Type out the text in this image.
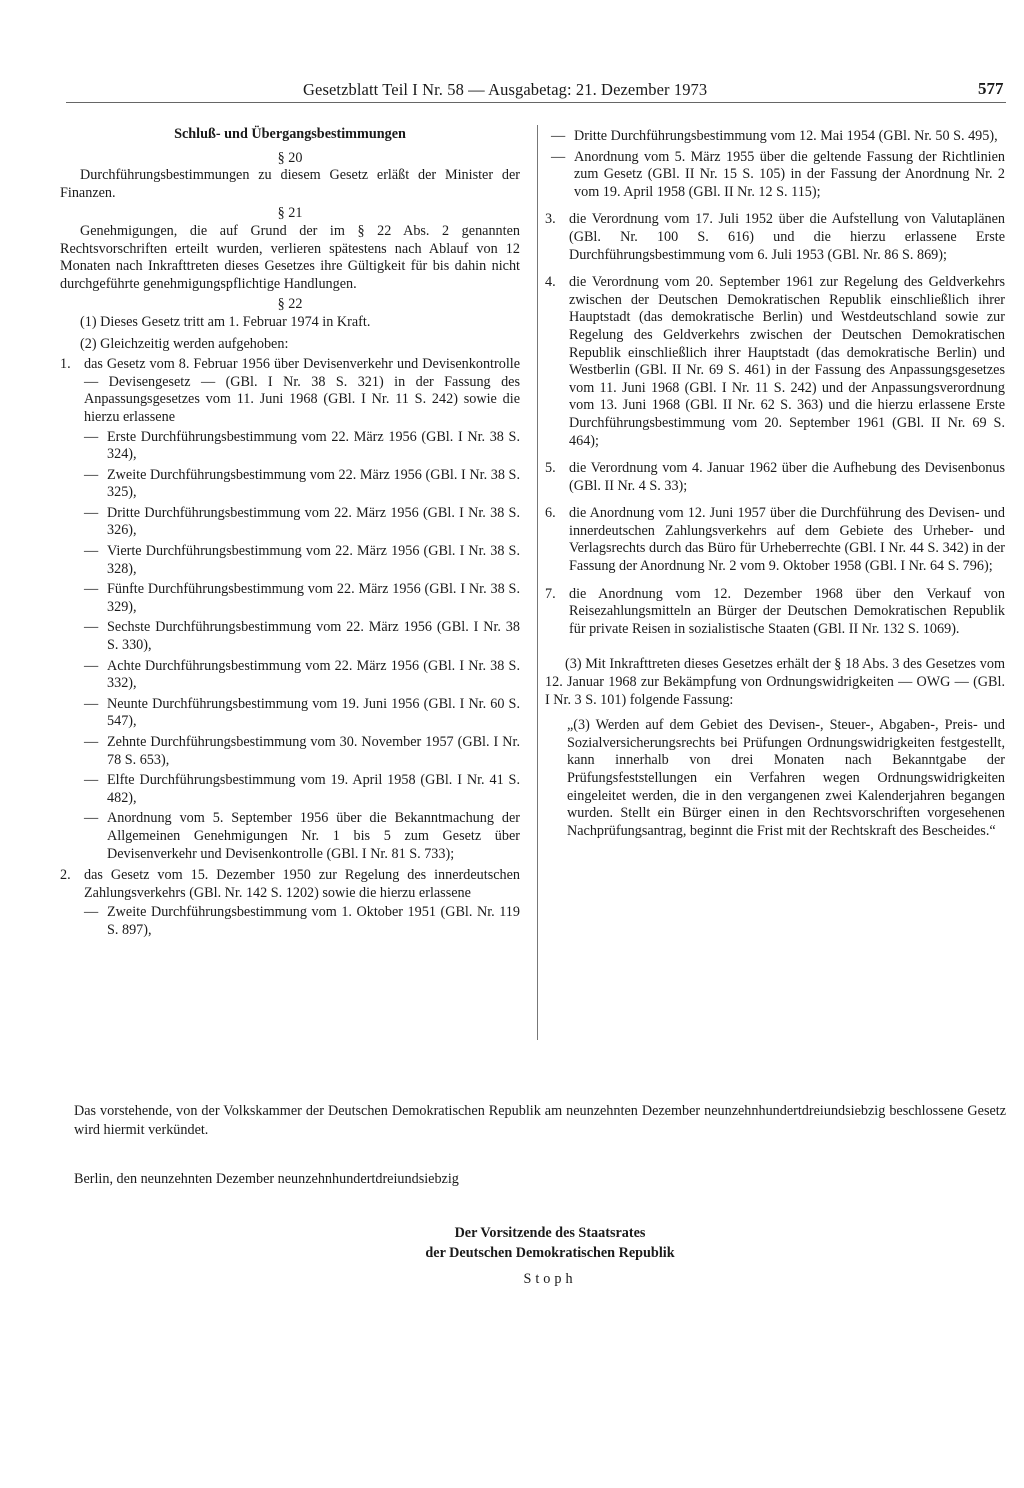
Gesetzblatt Teil I Nr. 58 — Ausgabetag: 21. Dezember 1973	577

Schluß- und Übergangsbestimmungen

§ 20

Durchführungsbestimmungen zu diesem Gesetz erläßt der Minister der Finanzen.

§ 21

Genehmigungen, die auf Grund der im § 22 Abs. 2 genannten Rechtsvorschriften erteilt wurden, verlieren spätestens nach Ablauf von 12 Monaten nach Inkrafttreten dieses Gesetzes ihre Gültigkeit für bis dahin nicht durchgeführte genehmigungspflichtige Handlungen.

§ 22

(1) Dieses Gesetz tritt am 1. Februar 1974 in Kraft.

(2) Gleichzeitig werden aufgehoben:

1. das Gesetz vom 8. Februar 1956 über Devisenverkehr und Devisenkontrolle — Devisengesetz — (GBl. I Nr. 38 S. 321) in der Fassung des Anpassungsgesetzes vom 11. Juni 1968 (GBl. I Nr. 11 S. 242) sowie die hierzu erlassene

— Erste Durchführungsbestimmung vom 22. März 1956 (GBl. I Nr. 38 S. 324),

— Zweite Durchführungsbestimmung vom 22. März 1956 (GBl. I Nr. 38 S. 325),

— Dritte Durchführungsbestimmung vom 22. März 1956 (GBl. I Nr. 38 S. 326),

— Vierte Durchführungsbestimmung vom 22. März 1956 (GBl. I Nr. 38 S. 328),

— Fünfte Durchführungsbestimmung vom 22. März 1956 (GBl. I Nr. 38 S. 329),

— Sechste Durchführungsbestimmung vom 22. März 1956 (GBl. I Nr. 38 S. 330),

— Achte Durchführungsbestimmung vom 22. März 1956 (GBl. I Nr. 38 S. 332),

— Neunte Durchführungsbestimmung vom 19. Juni 1956 (GBl. I Nr. 60 S. 547),

— Zehnte Durchführungsbestimmung vom 30. November 1957 (GBl. I Nr. 78 S. 653),

— Elfte Durchführungsbestimmung vom 19. April 1958 (GBl. I Nr. 41 S. 482),

— Anordnung vom 5. September 1956 über die Bekanntmachung der Allgemeinen Genehmigungen Nr. 1 bis 5 zum Gesetz über Devisenverkehr und Devisenkontrolle (GBl. I Nr. 81 S. 733);

2. das Gesetz vom 15. Dezember 1950 zur Regelung des innerdeutschen Zahlungsverkehrs (GBl. Nr. 142 S. 1202) sowie die hierzu erlassene

— Zweite Durchführungsbestimmung vom 1. Oktober 1951 (GBl. Nr. 119 S. 897),

— Dritte Durchführungsbestimmung vom 12. Mai 1954 (GBl. Nr. 50 S. 495),

— Anordnung vom 5. März 1955 über die geltende Fassung der Richtlinien zum Gesetz (GBl. II Nr. 15 S. 105) in der Fassung der Anordnung Nr. 2 vom 19. April 1958 (GBl. II Nr. 12 S. 115);

3. die Verordnung vom 17. Juli 1952 über die Aufstellung von Valutaplänen (GBl. Nr. 100 S. 616) und die hierzu erlassene Erste Durchführungsbestimmung vom 6. Juli 1953 (GBl. Nr. 86 S. 869);
4. die Verordnung vom 20. September 1961 zur Regelung des Geldverkehrs zwischen der Deutschen Demokratischen Republik einschließlich ihrer Hauptstadt (das demokratische Berlin) und Westdeutschland sowie zur Regelung des Geldverkehrs zwischen der Deutschen Demokratischen Republik einschließlich ihrer Hauptstadt (das demokratische Berlin) und Westberlin (GBl. II Nr. 69 S. 461) in der Fassung des Anpassungsgesetzes vom 11. Juni 1968 (GBl. I Nr. 11 S. 242) und der Anpassungsverordnung vom 13. Juni 1968 (GBl. II Nr. 62 S. 363) und die hierzu erlassene Erste Durchführungsbestimmung vom 20. September 1961 (GBl. II Nr. 69 S. 464);
5. die Verordnung vom 4. Januar 1962 über die Aufhebung des Devisenbonus (GBl. II Nr. 4 S. 33);
6. die Anordnung vom 12. Juni 1957 über die Durchführung des Devisen- und innerdeutschen Zahlungsverkehrs auf dem Gebiete des Urheber- und Verlagsrechts durch das Büro für Urheberrechte (GBl. I Nr. 44 S. 342) in der Fassung der Anordnung Nr. 2 vom 9. Oktober 1958 (GBl. I Nr. 64 S. 796);
7. die Anordnung vom 12. Dezember 1968 über den Verkauf von Reisezahlungsmitteln an Bürger der Deutschen Demokratischen Republik für private Reisen in sozialistische Staaten (GBl. II Nr. 132 S. 1069).

(3) Mit Inkrafttreten dieses Gesetzes erhält der § 18 Abs. 3 des Gesetzes vom 12. Januar 1968 zur Bekämpfung von Ordnungswidrigkeiten — OWG — (GBl. I Nr. 3 S. 101) folgende Fassung:

„(3) Werden auf dem Gebiet des Devisen-, Steuer-, Abgaben-, Preis- und Sozialversicherungsrechts bei Prüfungen Ordnungswidrigkeiten festgestellt, kann innerhalb von drei Monaten nach Bekanntgabe der Prüfungsfeststellungen ein Verfahren wegen Ordnungswidrigkeiten eingeleitet werden, die in den vergangenen zwei Kalenderjahren begangen wurden. Stellt ein Bürger einen in den Rechtsvorschriften vorgesehenen Nachprüfungsantrag, beginnt die Frist mit der Rechtskraft des Bescheides.“

Das vorstehende, von der Volkskammer der Deutschen Demokratischen Republik am neunzehnten Dezember neunzehnhundertdreiundsiebzig beschlossene Gesetz wird hiermit verkündet.

Berlin, den neunzehnten Dezember neunzehnhundertdreiundsiebzig

Der Vorsitzende des Staatsrates
der Deutschen Demokratischen Republik
Stoph
